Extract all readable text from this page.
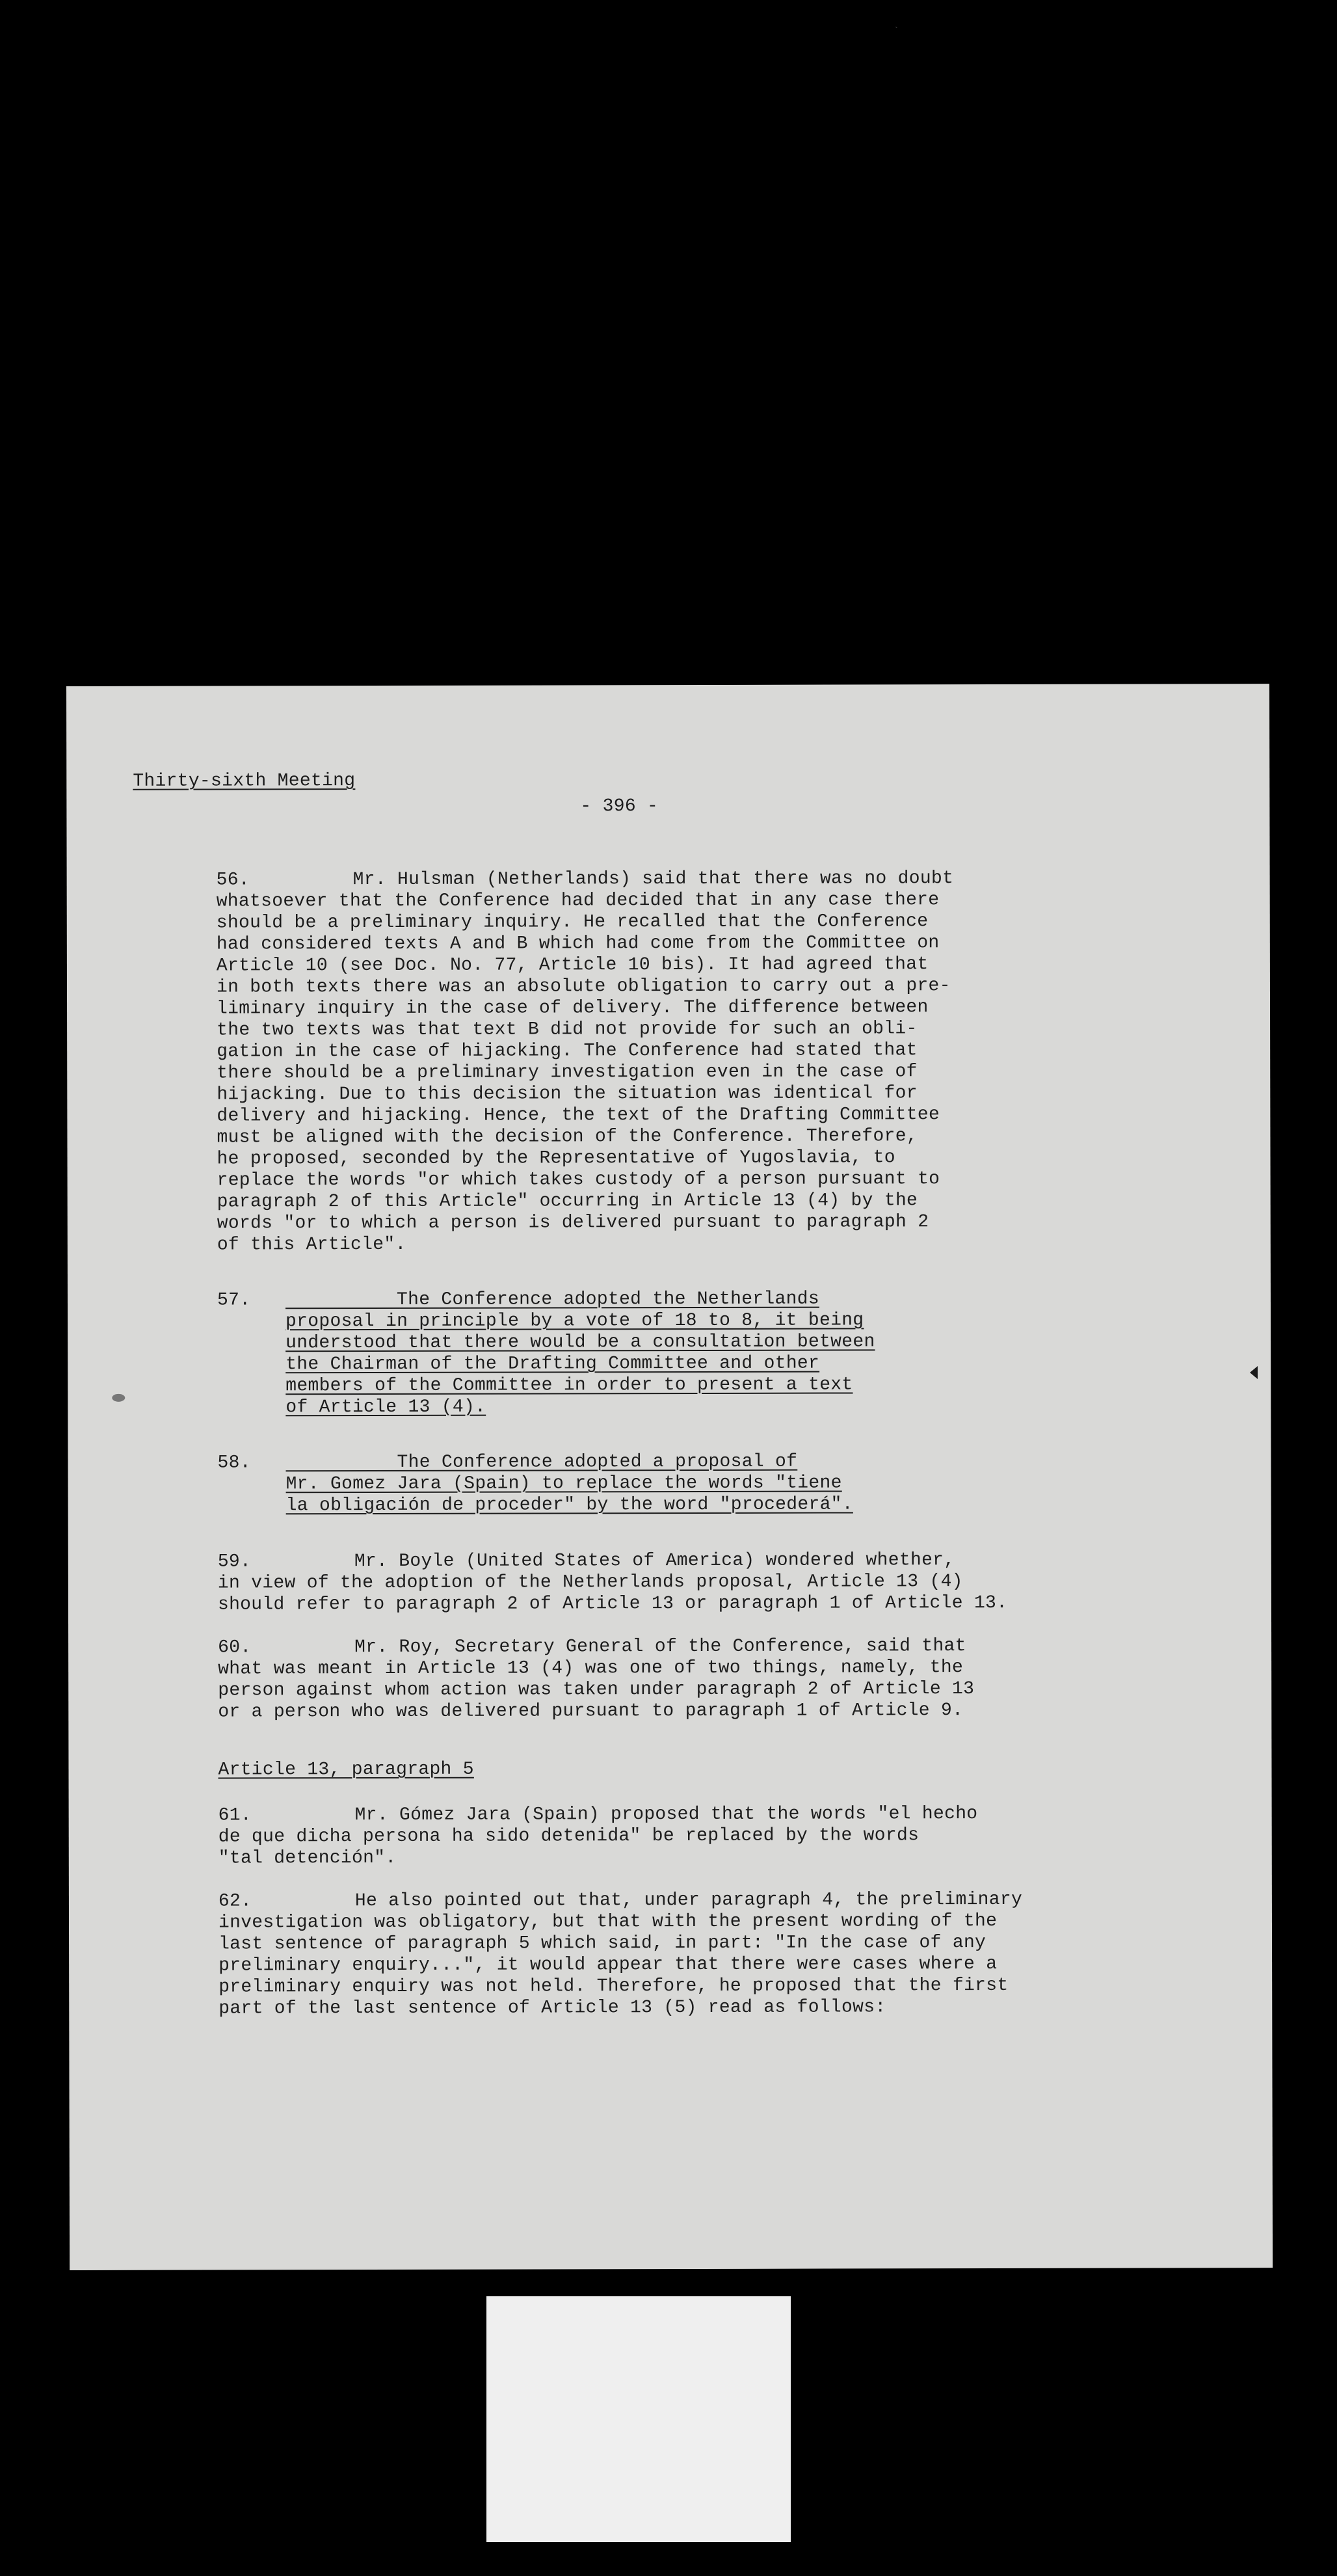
`
Thirty-sixth Meeting
- 396 -
56.	Mr. Hulsman (Netherlands) said that there was no doubt
whatsoever that the Conference had decided that in any case there
should be a preliminary inquiry. He recalled that the Conference
had considered texts A and B which had come from the Committee on
Article 10 (see Doc. No. 77, Article 10 bis). It had agreed that
in both texts there was an absolute obligation to carry out a pre-
liminary inquiry in the case of delivery. The difference between
the two texts was that text B did not provide for such an obli-
gation in the case of hijacking. The Conference had stated that
there should be a preliminary investigation even in the case of
hijacking. Due to this decision the situation was identical for
delivery and hijacking. Hence, the text of the Drafting Committee
must be aligned with the decision of the Conference. Therefore,
he proposed, seconded by the Representative of Yugoslavia, to
replace the words "or which takes custody of a person pursuant to
paragraph 2 of this Article" occurring in Article 13 (4) by the
words "or to which a person is delivered pursuant to paragraph 2
of this Article".
57. The Conference adopted the Netherlands
proposal in principle by a vote of 18 to 8, it being
understood that there would be a consultation between
the Chairman of the Drafting Committee and other
members of the Committee in order to present a text
of Article 13 (4).
58. The Conference adopted a proposal of
Mr. Gomez Jara (Spain) to replace the words "tiene
la obligación de proceder" by the word "procederá".
59.	Mr. Boyle (United States of America) wondered whether,
in view of the adoption of the Netherlands proposal, Article 13 (4)
should refer to paragraph 2 of Article 13 or paragraph 1 of Article 13.
60.	Mr. Roy, Secretary General of the Conference, said that
what was meant in Article 13 (4) was one of two things, namely, the
person against whom action was taken under paragraph 2 of Article 13
or a person who was delivered pursuant to paragraph 1 of Article 9.
Article 13, paragraph 5
61.	Mr. Gómez Jara (Spain) proposed that the words "el hecho
de que dicha persona ha sido detenida" be replaced by the words
"tal detención".
62.	He also pointed out that, under paragraph 4, the preliminary
investigation was obligatory, but that with the present wording of the
last sentence of paragraph 5 which said, in part: "In the case of any
preliminary enquiry...", it would appear that there were cases where a
preliminary enquiry was not held. Therefore, he proposed that the first
part of the last sentence of Article 13 (5) read as follows:
